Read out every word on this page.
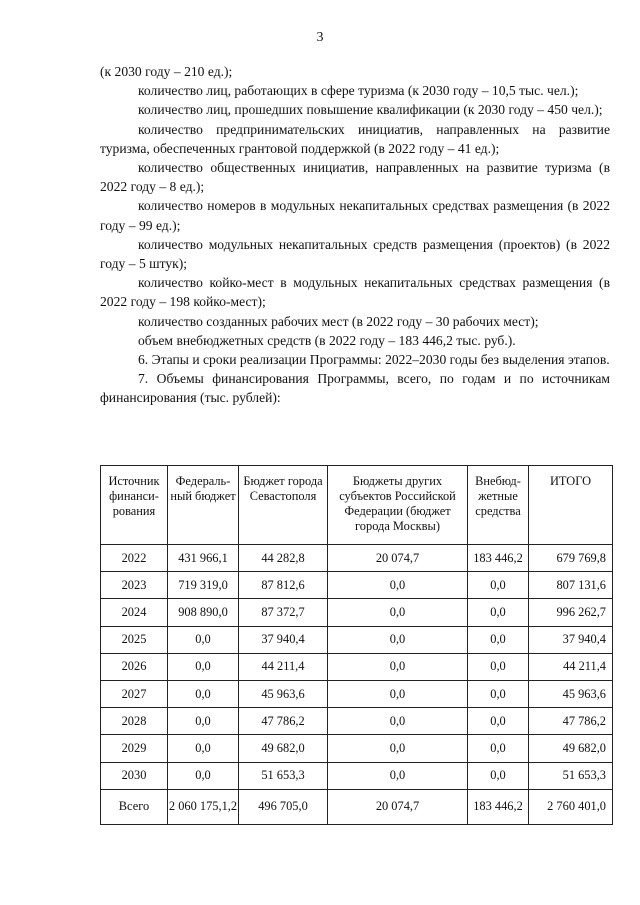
3

(к 2030 году – 210 ед.);

количество лиц, работающих в сфере туризма (к 2030 году – 10,5 тыс. чел.);

количество лиц, прошедших повышение квалификации (к 2030 году – 450 чел.);

количество предпринимательских инициатив, направленных на развитие туризма, обеспеченных грантовой поддержкой (в 2022 году – 41 ед.);

количество общественных инициатив, направленных на развитие туризма (в 2022 году – 8 ед.);

количество номеров в модульных некапитальных средствах размещения (в 2022 году – 99 ед.);

количество модульных некапитальных средств размещения (проектов) (в 2022 году – 5 штук);

количество койко-мест в модульных некапитальных средствах размещения (в 2022 году – 198 койко-мест);

количество созданных рабочих мест (в 2022 году – 30 рабочих мест);

объем внебюджетных средств (в 2022 году – 183 446,2 тыс. руб.).

6. Этапы и сроки реализации Программы: 2022–2030 годы без выделения этапов.

7. Объемы финансирования Программы, всего, по годам и по источникам финансирования (тыс. рублей):

Источник финанси-рования	Федераль-ный бюджет	Бюджет города Севастополя	Бюджеты других субъектов Российской Федерации (бюджет города Москвы)	Внебюд-жетные средства	ИТОГО
2022	431 966,1	44 282,8	20 074,7	183 446,2	679 769,8
2023	719 319,0	87 812,6	0,0	0,0	807 131,6
2024	908 890,0	87 372,7	0,0	0,0	996 262,7
2025	0,0	37 940,4	0,0	0,0	37 940,4
2026	0,0	44 211,4	0,0	0,0	44 211,4
2027	0,0	45 963,6	0,0	0,0	45 963,6
2028	0,0	47 786,2	0,0	0,0	47 786,2
2029	0,0	49 682,0	0,0	0,0	49 682,0
2030	0,0	51 653,3	0,0	0,0	51 653,3
Всего	2 060 175,1,2	496 705,0	20 074,7	183 446,2	2 760 401,0
